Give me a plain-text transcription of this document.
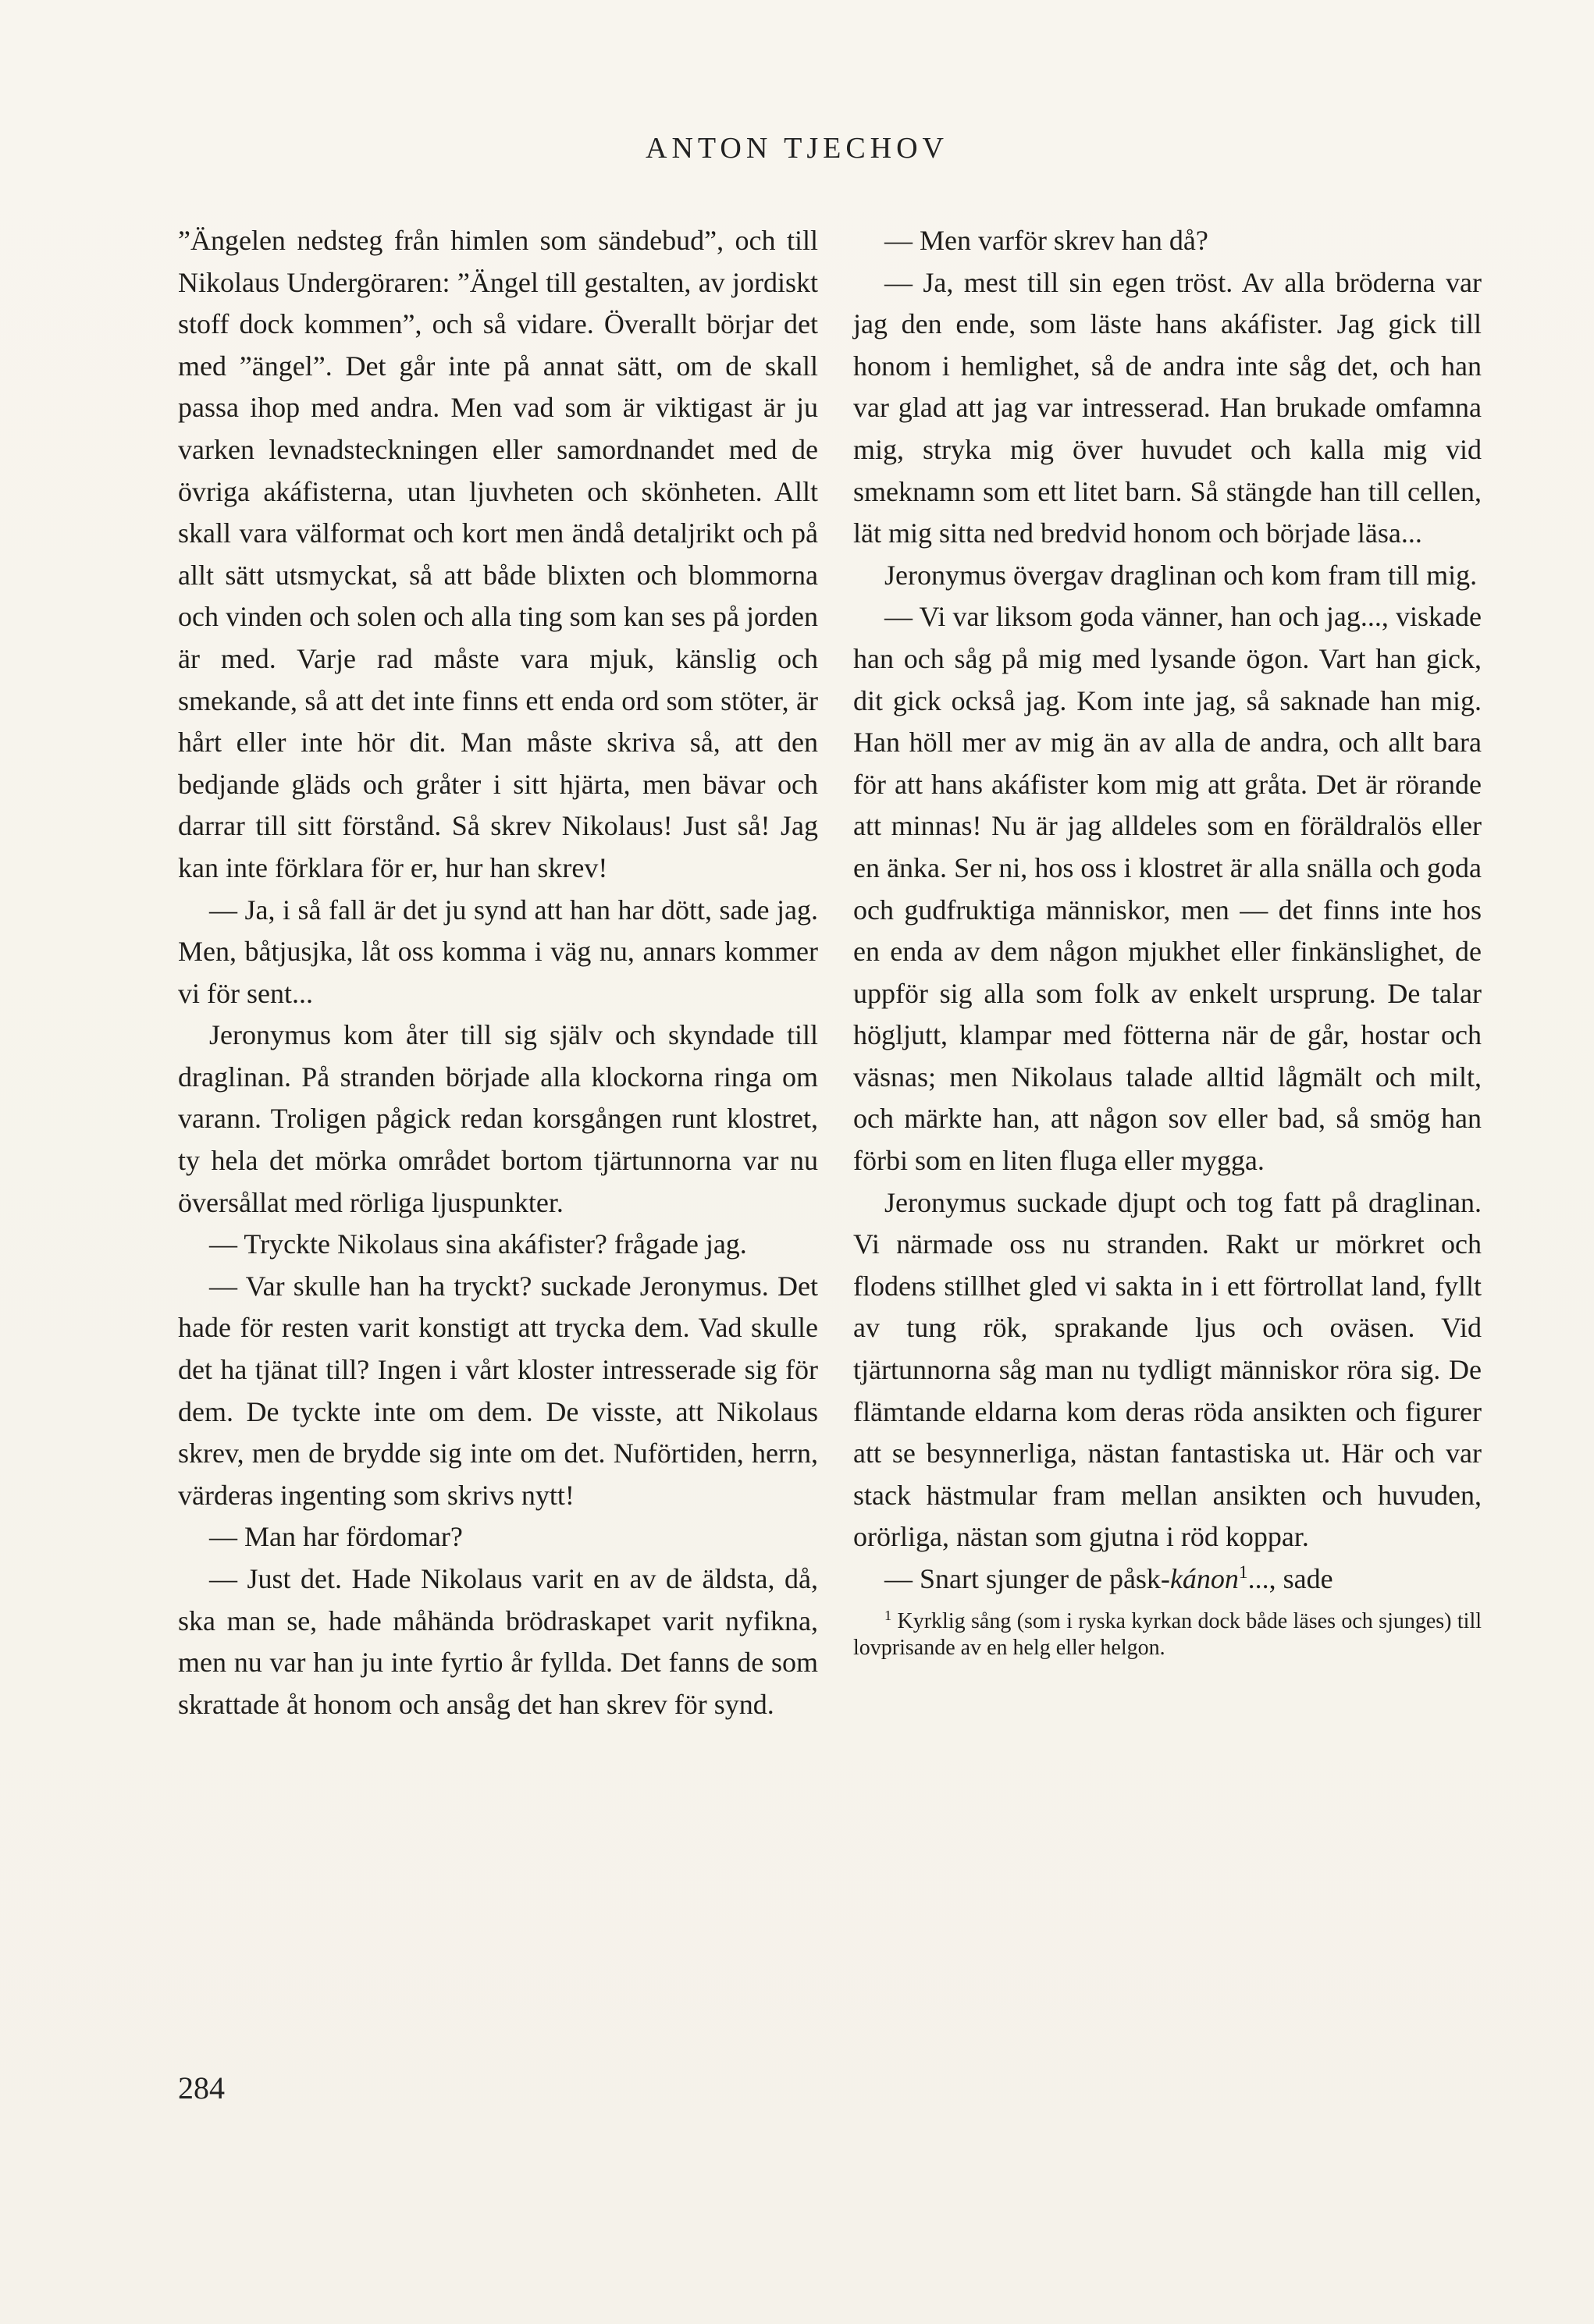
ANTON TJECHOV

”Ängelen nedsteg från himlen som sändebud”, och till Nikolaus Undergöraren: ”Ängel till gestalten, av jordiskt stoff dock kommen”, och så vidare. Överallt börjar det med ”ängel”. Det går inte på annat sätt, om de skall passa ihop med andra. Men vad som är viktigast är ju varken levnadsteckningen eller samordnandet med de övriga akáfisterna, utan ljuvheten och skönheten. Allt skall vara välformat och kort men ändå detaljrikt och på allt sätt utsmyckat, så att både blixten och blommorna och vinden och solen och alla ting som kan ses på jorden är med. Varje rad måste vara mjuk, känslig och smekande, så att det inte finns ett enda ord som stöter, är hårt eller inte hör dit. Man måste skriva så, att den bedjande gläds och gråter i sitt hjärta, men bävar och darrar till sitt förstånd. Så skrev Nikolaus! Just så! Jag kan inte förklara för er, hur han skrev!

— Ja, i så fall är det ju synd att han har dött, sade jag. Men, båtjusjka, låt oss komma i väg nu, annars kommer vi för sent...

Jeronymus kom åter till sig själv och skyndade till draglinan. På stranden började alla klockorna ringa om varann. Troligen pågick redan korsgången runt klostret, ty hela det mörka området bortom tjärtunnorna var nu översållat med rörliga ljuspunkter.

— Tryckte Nikolaus sina akáfister? frågade jag.

— Var skulle han ha tryckt? suckade Jeronymus. Det hade för resten varit konstigt att trycka dem. Vad skulle det ha tjänat till? Ingen i vårt kloster intresserade sig för dem. De tyckte inte om dem. De visste, att Nikolaus skrev, men de brydde sig inte om det. Nuförtiden, herrn, värderas ingenting som skrivs nytt!

— Man har fördomar?

— Just det. Hade Nikolaus varit en av de äldsta, då, ska man se, hade måhända brödraskapet varit nyfikna, men nu var han ju inte fyrtio år fyllda. Det fanns de som skrattade åt honom och ansåg det han skrev för synd.

— Men varför skrev han då?

— Ja, mest till sin egen tröst. Av alla bröderna var jag den ende, som läste hans akáfister. Jag gick till honom i hemlighet, så de andra inte såg det, och han var glad att jag var intresserad. Han brukade omfamna mig, stryka mig över huvudet och kalla mig vid smeknamn som ett litet barn. Så stängde han till cellen, lät mig sitta ned bredvid honom och började läsa...

Jeronymus övergav draglinan och kom fram till mig.

— Vi var liksom goda vänner, han och jag..., viskade han och såg på mig med lysande ögon. Vart han gick, dit gick också jag. Kom inte jag, så saknade han mig. Han höll mer av mig än av alla de andra, och allt bara för att hans akáfister kom mig att gråta. Det är rörande att minnas! Nu är jag alldeles som en föräldralös eller en änka. Ser ni, hos oss i klostret är alla snälla och goda och gudfruktiga människor, men — det finns inte hos en enda av dem någon mjukhet eller finkänslighet, de uppför sig alla som folk av enkelt ursprung. De talar högljutt, klampar med fötterna när de går, hostar och väsnas; men Nikolaus talade alltid lågmält och milt, och märkte han, att någon sov eller bad, så smög han förbi som en liten fluga eller mygga.

Jeronymus suckade djupt och tog fatt på draglinan. Vi närmade oss nu stranden. Rakt ur mörkret och flodens stillhet gled vi sakta in i ett förtrollat land, fyllt av tung rök, sprakande ljus och oväsen. Vid tjärtunnorna såg man nu tydligt människor röra sig. De flämtande eldarna kom deras röda ansikten och figurer att se besynnerliga, nästan fantastiska ut. Här och var stack hästmular fram mellan ansikten och huvuden, orörliga, nästan som gjutna i röd koppar.

— Snart sjunger de påsk-kánon$^1$..., sade

$^1$ Kyrklig sång (som i ryska kyrkan dock både läses och sjunges) till lovprisande av en helg eller helgon.
284
